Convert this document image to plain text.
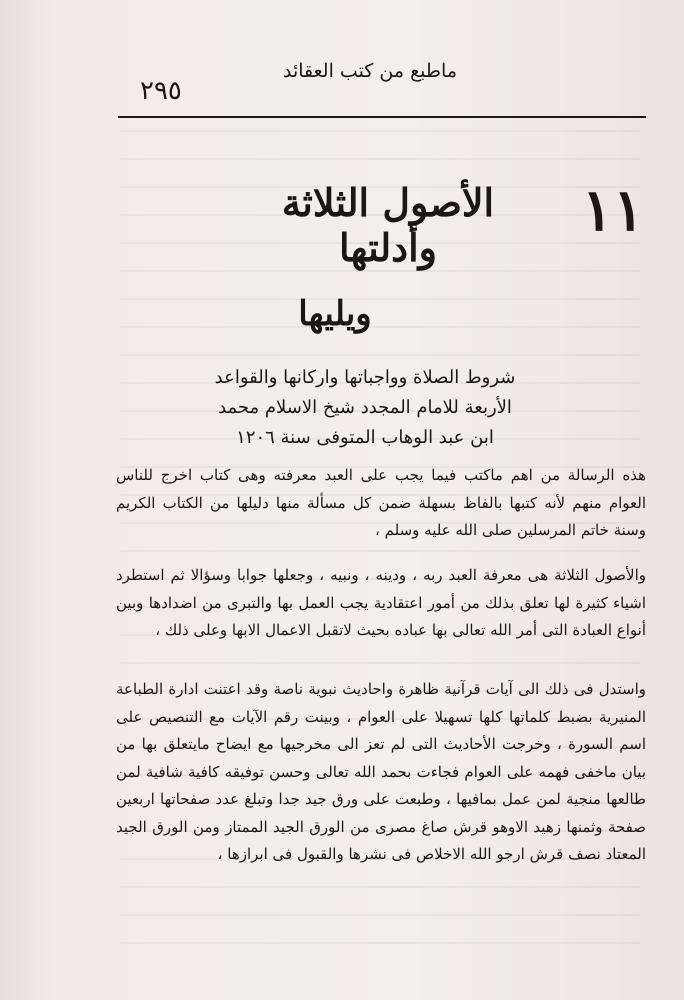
ماطبع من كتب العقائد
٢٩٥
١١
الأصول الثلاثة وأدلتها
ويليها
شروط الصلاة وواجباتها واركانها والقواعد
الأربعة للامام المجدد شيخ الاسلام محمد
ابن عبد الوهاب المتوفى سنة ١٢٠٦

هذه الرسالة من اهم ماكتب فيما يجب على العبد معرفته وهى كتاب اخرج للناس العوام منهم لأنه كتبها بالفاظ بسهلة ضمن كل مسألة منها دليلها من الكتاب الكريم وسنة خاتم المرسلين صلى الله عليه وسلم ،

والأصول الثلاثة هى معرفة العبد ربه ، ودينه ، ونبيه ، وجعلها جوابا وسؤالا ثم استطرد اشياء كثيرة لها تعلق بذلك من أمور اعتقادية يجب العمل بها والتبرى من اضدادها وبين أنواع العبادة التى أمر الله تعالى بها عباده بحيث لاتقبل الاعمال الابها وعلى ذلك ،

واستدل فى ذلك الى آيات قرآنية ظاهرة واحاديث نبوية ناصة وقد اعتنت ادارة الطباعة المنيرية بضبط كلماتها كلها تسهيلا على العوام ، وبينت رقم الآيات مع التنصيص على اسم السورة ، وخرجت الأحاديث التى لم تعز الى مخرجيها مع ايضاح مايتعلق بها من بيان ماخفى فهمه على العوام فجاءت بحمد الله تعالى وحسن توفيقه كافية شافية لمن طالعها منجية لمن عمل بمافيها ، وطبعت على ورق جيد جدا وتبلغ عدد صفحاتها اربعين صفحة وثمنها زهيد الاوهو قرش صاغ مصرى من الورق الجيد الممتاز ومن الورق الجيد المعتاد نصف قرش ارجو الله الاخلاص فى نشرها والقبول فى ابرازها ،
